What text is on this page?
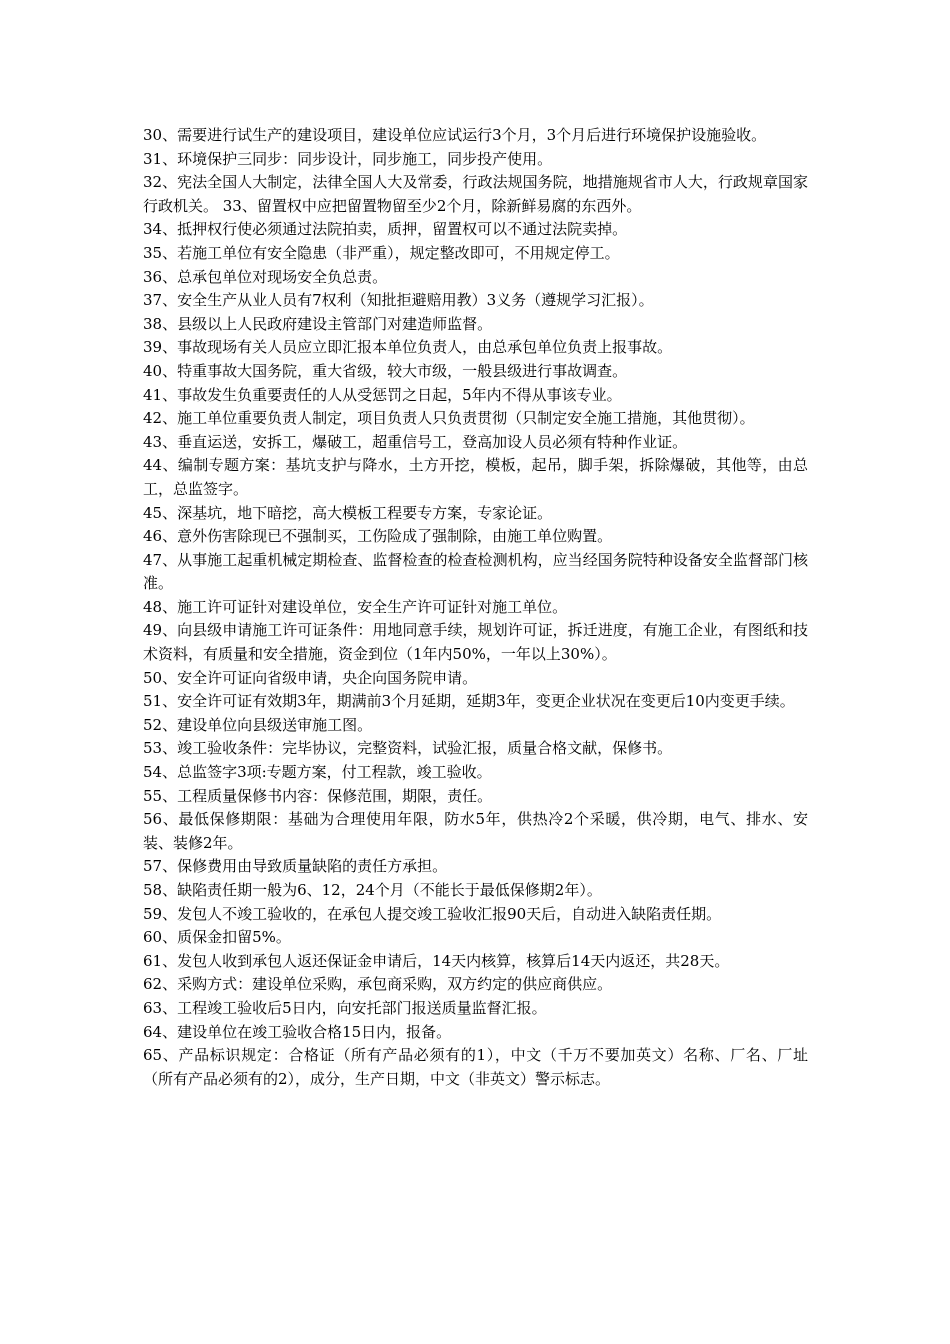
30、需要进行试生产的建设项目，建设单位应试运行3个月，3个月后进行环境保护设施验收。

31、环境保护三同步：同步设计，同步施工，同步投产使用。

32、宪法全国人大制定，法律全国人大及常委，行政法规国务院，地措施规省市人大，行政规章国家行政机关。 33、留置权中应把留置物留至少2个月，除新鲜易腐的东西外。

34、抵押权行使必须通过法院拍卖，质押，留置权可以不通过法院卖掉。

35、若施工单位有安全隐患（非严重），规定整改即可，不用规定停工。

36、总承包单位对现场安全负总责。

37、安全生产从业人员有7权利（知批拒避赔用教）3义务（遵规学习汇报）。

38、县级以上人民政府建设主管部门对建造师监督。

39、事故现场有关人员应立即汇报本单位负责人，由总承包单位负责上报事故。

40、特重事故大国务院，重大省级，较大市级，一般县级进行事故调查。

41、事故发生负重要责任的人从受惩罚之日起，5年内不得从事该专业。

42、施工单位重要负责人制定，项目负责人只负责贯彻（只制定安全施工措施，其他贯彻）。

43、垂直运送，安拆工，爆破工，超重信号工，登高加设人员必须有特种作业证。

44、编制专题方案：基坑支护与降水，土方开挖，模板，起吊，脚手架，拆除爆破，其他等，由总工，总监签字。

45、深基坑，地下暗挖，高大模板工程要专方案，专家论证。

46、意外伤害除现已不强制买，工伤险成了强制除，由施工单位购置。

47、从事施工起重机械定期检查、监督检查的检查检测机构，应当经国务院特种设备安全监督部门核准。

48、施工许可证针对建设单位，安全生产许可证针对施工单位。

49、向县级申请施工许可证条件：用地同意手续，规划许可证，拆迁进度，有施工企业，有图纸和技术资料，有质量和安全措施，资金到位（1年内50%，一年以上30%）。

50、安全许可证向省级申请，央企向国务院申请。

51、安全许可证有效期3年，期满前3个月延期，延期3年，变更企业状况在变更后10内变更手续。

52、建设单位向县级送审施工图。

53、竣工验收条件：完毕协议，完整资料，试验汇报，质量合格文献，保修书。

54、总监签字3项:专题方案，付工程款，竣工验收。

55、工程质量保修书内容：保修范围，期限，责任。

56、最低保修期限：基础为合理使用年限，防水5年，供热冷2个采暖，供冷期，电气、排水、安装、装修2年。

57、保修费用由导致质量缺陷的责任方承担。

58、缺陷责任期一般为6、12，24个月（不能长于最低保修期2年）。

59、发包人不竣工验收的，在承包人提交竣工验收汇报90天后，自动进入缺陷责任期。

60、质保金扣留5%。

61、发包人收到承包人返还保证金申请后，14天内核算，核算后14天内返还，共28天。

62、采购方式：建设单位采购，承包商采购，双方约定的供应商供应。

63、工程竣工验收后5日内，向安托部门报送质量监督汇报。

64、建设单位在竣工验收合格15日内，报备。

65、产品标识规定：合格证（所有产品必须有的1），中文（千万不要加英文）名称、厂名、厂址（所有产品必须有的2），成分，生产日期，中文（非英文）警示标志。
